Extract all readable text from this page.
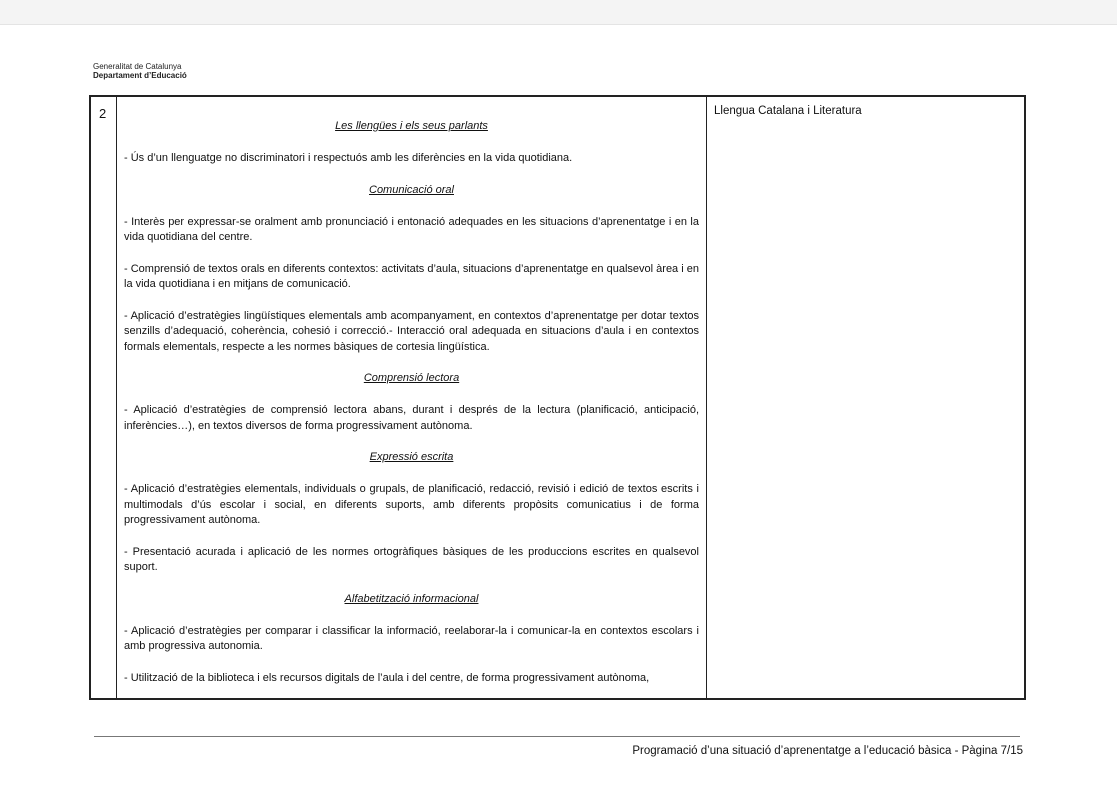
Generalitat de Catalunya
Departament d’Educació
2

Les llengües i els seus parlants

- Ús d’un llenguatge no discriminatori i respectuós amb les diferències en la vida quotidiana.

Comunicació oral

- Interès per expressar-se oralment amb pronunciació i entonació adequades en les situacions d’aprenentatge i en la vida quotidiana del centre.

- Comprensió de textos orals en diferents contextos: activitats d’aula, situacions d’aprenentatge en qualsevol àrea i en la vida quotidiana i en mitjans de comunicació.

- Aplicació d’estratègies lingüístiques elementals amb acompanyament, en contextos d’aprenentatge per dotar textos senzills d’adequació, coherència, cohesió i correcció.- Interacció oral adequada en situacions d’aula i en contextos formals elementals, respecte a les normes bàsiques de cortesia lingüística.

Comprensió lectora

- Aplicació d’estratègies de comprensió lectora abans, durant i després de la lectura (planificació, anticipació, inferències…), en textos diversos de forma progressivament autònoma.

Expressió escrita

- Aplicació d’estratègies elementals, individuals o grupals, de planificació, redacció, revisió i edició de textos escrits i multimodals d’ús escolar i social, en diferents suports, amb diferents propòsits comunicatius i de forma progressivament autònoma.

- Presentació acurada i aplicació de les normes ortogràfiques bàsiques de les produccions escrites en qualsevol suport.

Alfabetització informacional

- Aplicació d’estratègies per comparar i classificar la informació, reelaborar-la i comunicar-la en contextos escolars i amb progressiva autonomia.

- Utilització de la biblioteca i els recursos digitals de l’aula i del centre, de forma progressivament autònoma,

Llengua Catalana i Literatura
Programació d’una situació d’aprenentatge a l’educació bàsica - Pàgina 7/15
